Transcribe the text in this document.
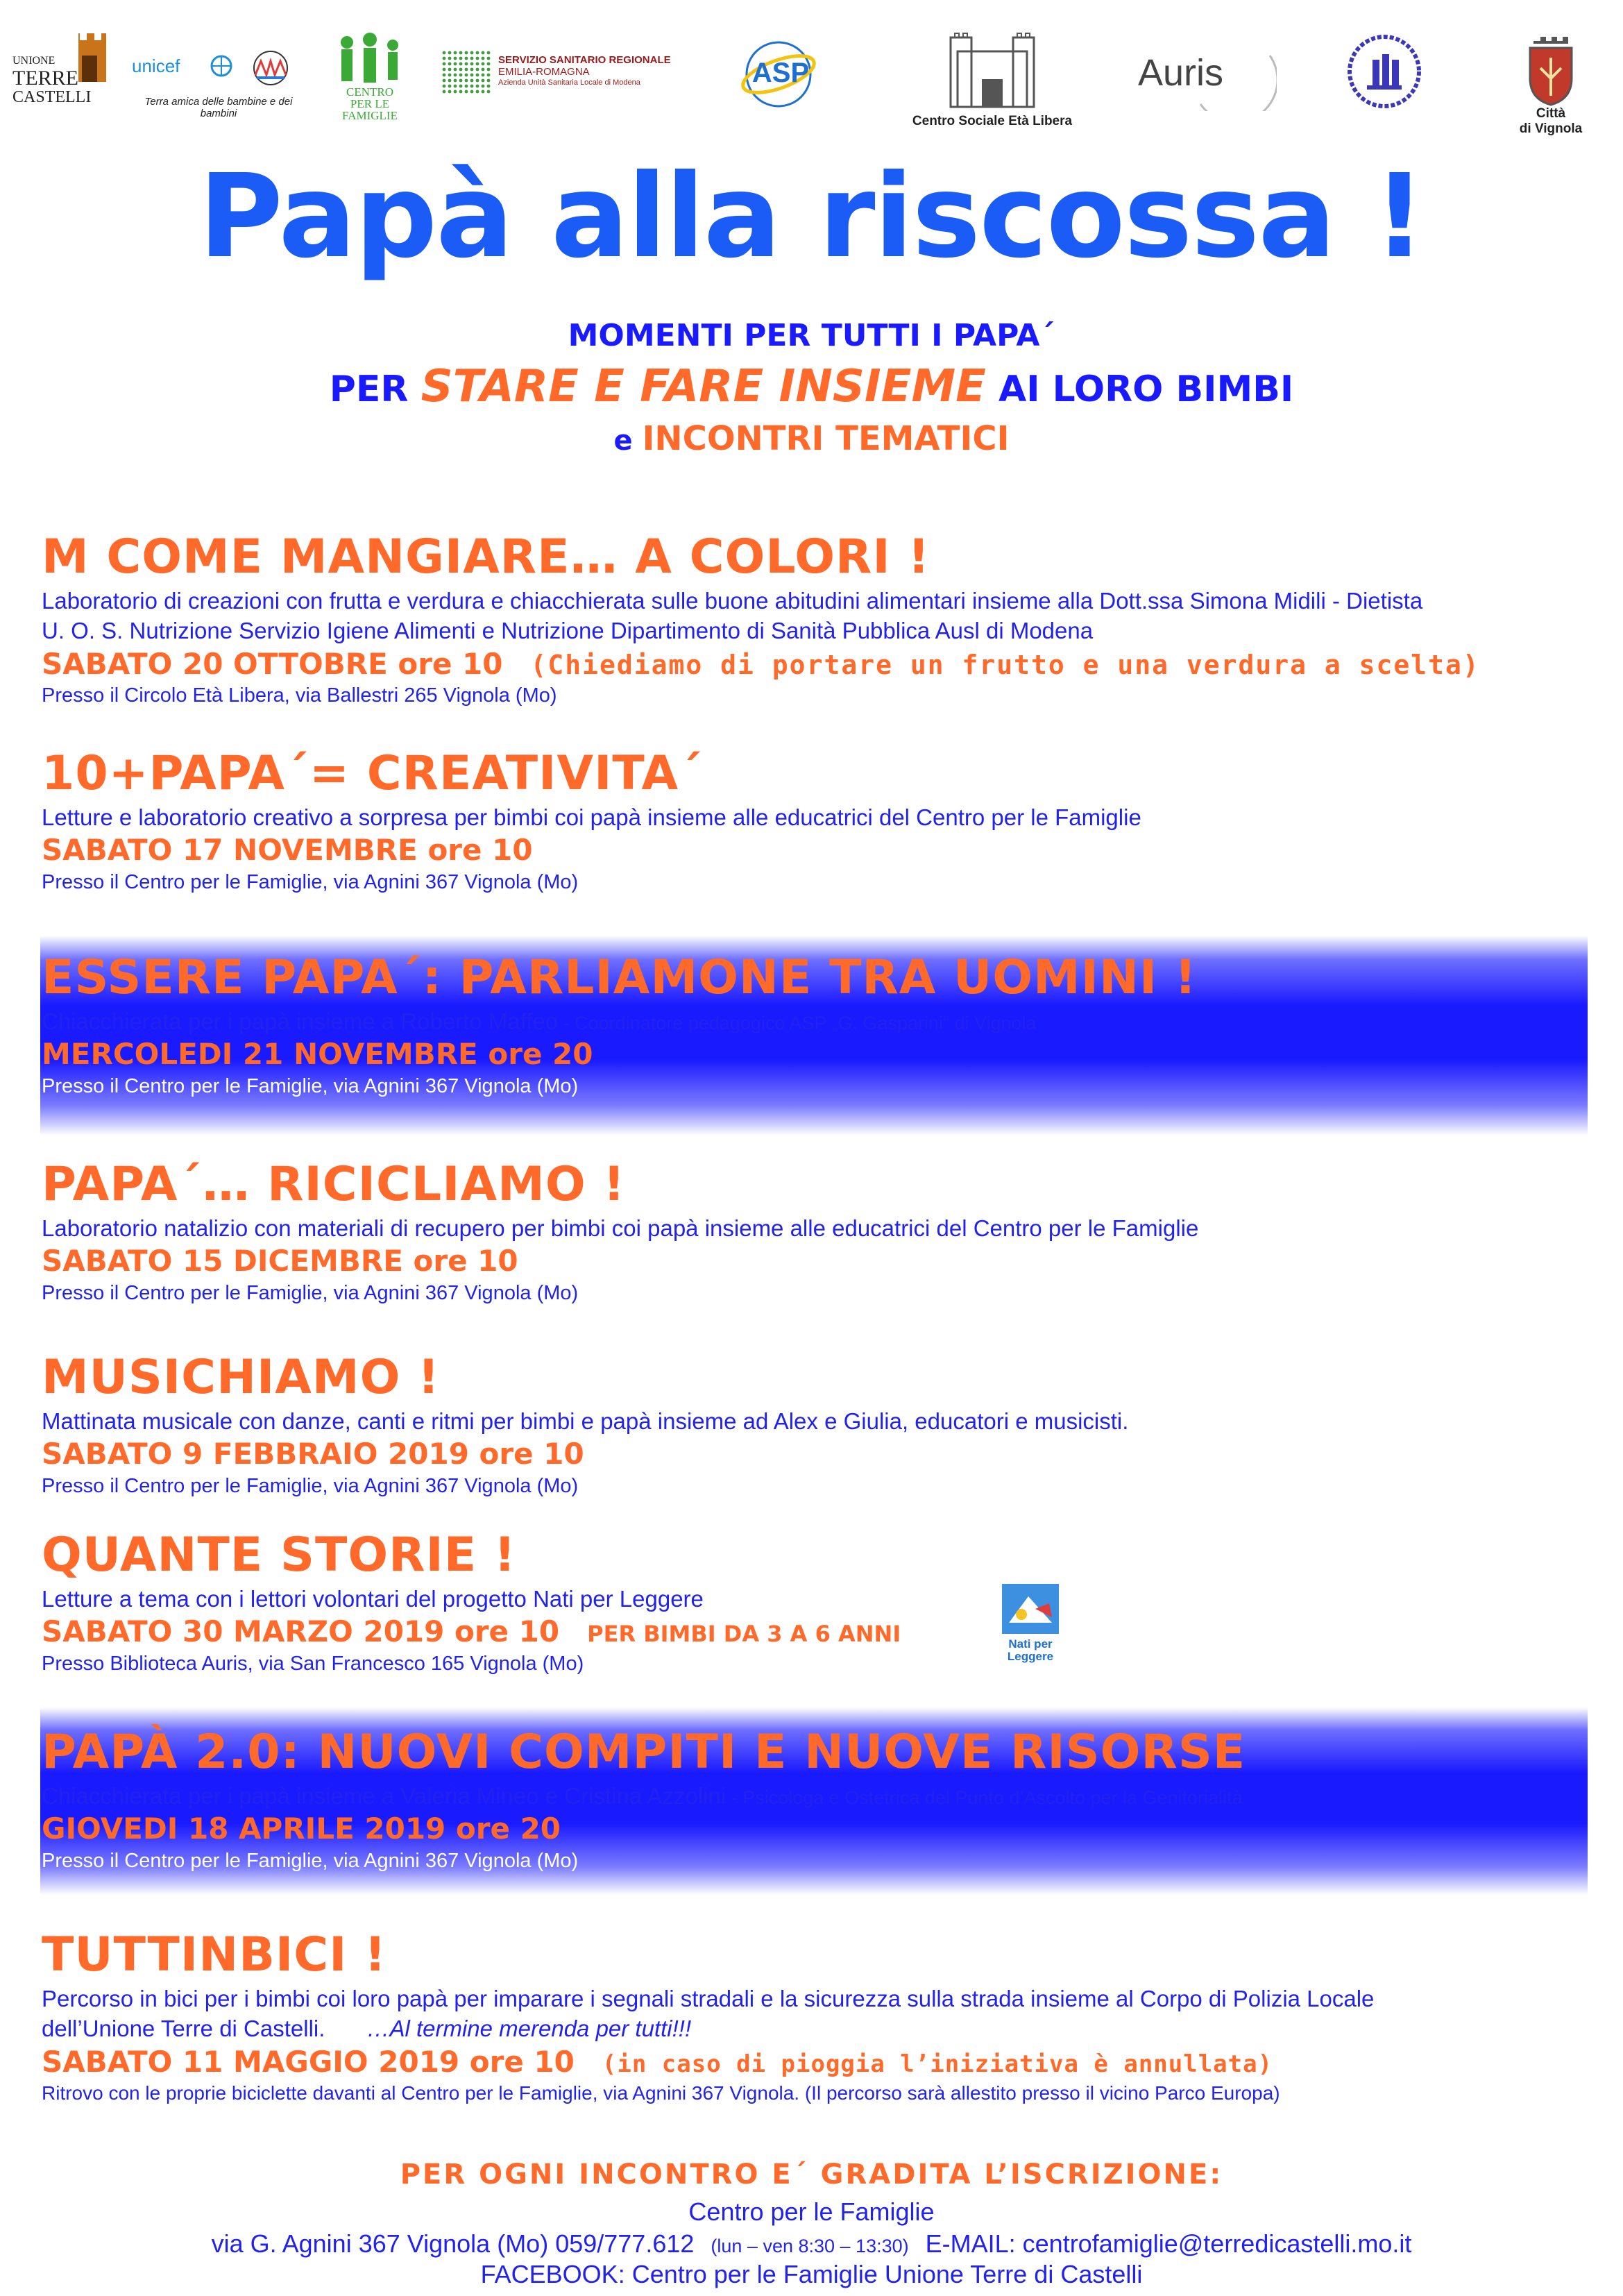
UNIONE
TERRE
CASTELLI
unicef
Terra amica delle bambine e dei bambini
CENTRO
PER LE
FAMIGLIE
SERVIZIO SANITARIO REGIONALE
EMILIA-ROMAGNA
Azienda Unità Sanitaria Locale di Modena	ASP
Centro Sociale Età Libera
Auris
Città
di Vignola
Papà alla riscossa !
MOMENTI PER TUTTI I PAPA´
PER STARE E FARE INSIEME AI LORO BIMBI
e INCONTRI TEMATICI
M COME MANGIARE… A COLORI !
Laboratorio di creazioni con frutta e verdura e chiacchierata sulle buone abitudini alimentari insieme alla Dott.ssa Simona Midili - Dietista
U. O. S. Nutrizione Servizio Igiene Alimenti e Nutrizione Dipartimento di Sanità Pubblica Ausl di Modena
SABATO 20 OTTOBRE ore 10 (Chiediamo di portare un frutto e una verdura a scelta)
Presso il Circolo Età Libera, via Ballestri 265 Vignola (Mo)
10+PAPA´= CREATIVITA´
Letture e laboratorio creativo a sorpresa per bimbi coi papà insieme alle educatrici del Centro per le Famiglie
SABATO 17 NOVEMBRE ore 10
Presso il Centro per le Famiglie, via Agnini 367 Vignola (Mo)
ESSERE PAPA´: PARLIAMONE TRA UOMINI !
Chiacchierata per i papà insieme a Roberto Maffeo - Coordinatore pedagogico ASP „G. Gasparini“ di Vignola
MERCOLEDI 21 NOVEMBRE ore 20
Presso il Centro per le Famiglie, via Agnini 367 Vignola (Mo)
PAPA´… RICICLIAMO !
Laboratorio natalizio con materiali di recupero per bimbi coi papà insieme alle educatrici del Centro per le Famiglie
SABATO 15 DICEMBRE ore 10
Presso il Centro per le Famiglie, via Agnini 367 Vignola (Mo)
MUSICHIAMO !
Mattinata musicale con danze, canti e ritmi per bimbi e papà insieme ad Alex e Giulia, educatori e musicisti.
SABATO 9 FEBBRAIO 2019 ore 10
Presso il Centro per le Famiglie, via Agnini 367 Vignola (Mo)
QUANTE STORIE !
Letture a tema con i lettori volontari del progetto Nati per Leggere
SABATO 30 MARZO 2019 ore 10 PER BIMBI DA 3 A 6 ANNI
Presso Biblioteca Auris, via San Francesco 165 Vignola (Mo)
Nati per
Leggere
PAPÀ 2.0: NUOVI COMPITI E NUOVE RISORSE
Chiacchierata per i papà insieme a Valeria Mineo e Cristina Azzolini - Psicologa e Ostetrica del Punto d’Ascolto per la Genitorialità
GIOVEDI 18 APRILE 2019 ore 20
Presso il Centro per le Famiglie, via Agnini 367 Vignola (Mo)
TUTTINBICI !
Percorso in bici per i bimbi coi loro papà per imparare i segnali stradali e la sicurezza sulla strada insieme al Corpo di Polizia Locale
dell’Unione Terre di Castelli. …Al termine merenda per tutti!!!
SABATO 11 MAGGIO 2019 ore 10 (in caso di pioggia l’iniziativa è annullata)
Ritrovo con le proprie biciclette davanti al Centro per le Famiglie, via Agnini 367 Vignola. (Il percorso sarà allestito presso il vicino Parco Europa)
PER OGNI INCONTRO E´ GRADITA L’ISCRIZIONE:
Centro per le Famiglie
via G. Agnini 367 Vignola (Mo) 059/777.612 (lun – ven 8:30 – 13:30) E-MAIL: centrofamiglie@terredicastelli.mo.it
FACEBOOK: Centro per le Famiglie Unione Terre di Castelli
